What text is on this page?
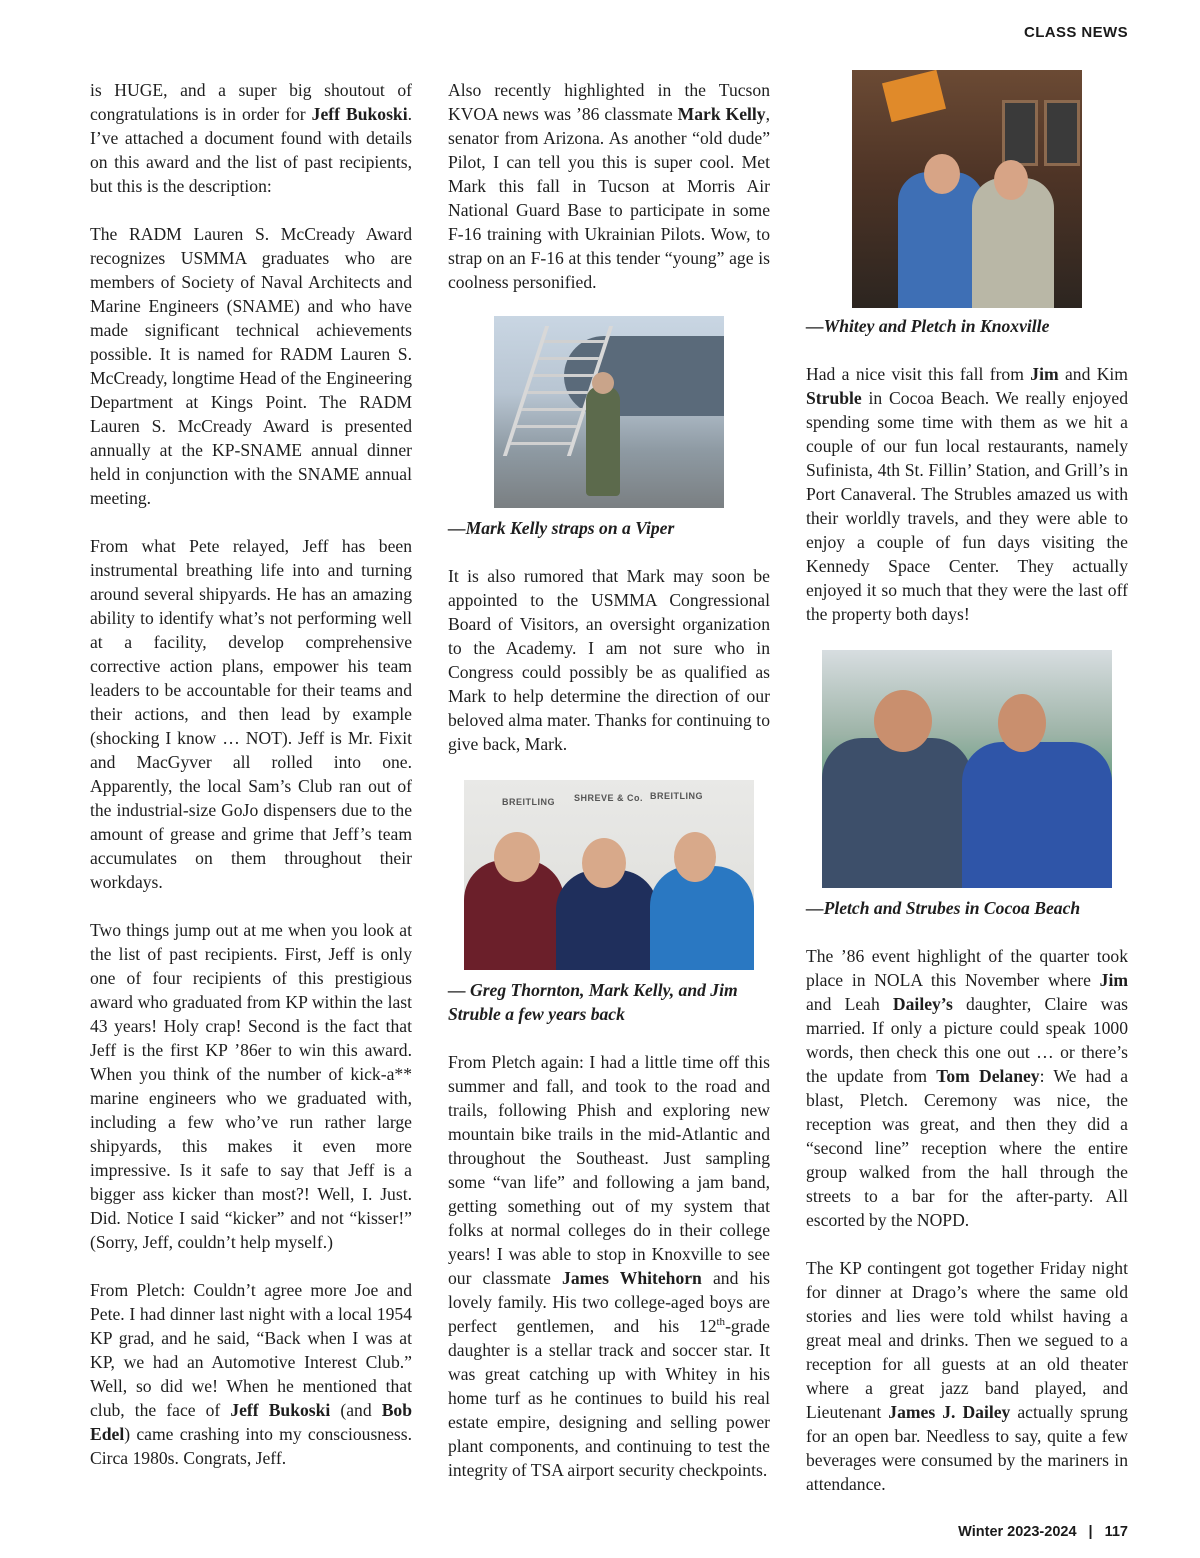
CLASS NEWS

is HUGE, and a super big shoutout of congratulations is in order for Jeff Bukoski. I’ve attached a document found with details on this award and the list of past recipients, but this is the description:

The RADM Lauren S. McCready Award recognizes USMMA graduates who are members of Society of Naval Architects and Marine Engineers (SNAME) and who have made significant technical achievements possible. It is named for RADM Lauren S. McCready, longtime Head of the Engineering Department at Kings Point. The RADM Lauren S. McCready Award is presented annually at the KP-SNAME annual dinner held in conjunction with the SNAME annual meeting.

From what Pete relayed, Jeff has been instrumental breathing life into and turning around several shipyards. He has an amazing ability to identify what’s not performing well at a facility, develop comprehensive corrective action plans, empower his team leaders to be accountable for their teams and their actions, and then lead by example (shocking I know … NOT). Jeff is Mr. Fixit and MacGyver all rolled into one. Apparently, the local Sam’s Club ran out of the industrial-size GoJo dispensers due to the amount of grease and grime that Jeff’s team accumulates on them throughout their workdays.

Two things jump out at me when you look at the list of past recipients. First, Jeff is only one of four recipients of this prestigious award who graduated from KP within the last 43 years! Holy crap! Second is the fact that Jeff is the first KP ’86er to win this award. When you think of the number of kick-a** marine engineers who we graduated with, including a few who’ve run rather large shipyards, this makes it even more impressive. Is it safe to say that Jeff is a bigger ass kicker than most?! Well, I. Just. Did. Notice I said “kicker” and not “kisser!” (Sorry, Jeff, couldn’t help myself.)

From Pletch: Couldn’t agree more Joe and Pete. I had dinner last night with a local 1954 KP grad, and he said, “Back when I was at KP, we had an Automotive Interest Club.” Well, so did we! When he mentioned that club, the face of Jeff Bukoski (and Bob Edel) came crashing into my consciousness. Circa 1980s. Congrats, Jeff.

Also recently highlighted in the Tucson KVOA news was ’86 classmate Mark Kelly, senator from Arizona. As another “old dude” Pilot, I can tell you this is super cool. Met Mark this fall in Tucson at Morris Air National Guard Base to participate in some F-16 training with Ukrainian Pilots. Wow, to strap on an F-16 at this tender “young” age is coolness personified.

—Mark Kelly straps on a Viper

It is also rumored that Mark may soon be appointed to the USMMA Congressional Board of Visitors, an oversight organization to the Academy. I am not sure who in Congress could possibly be as qualified as Mark to help determine the direction of our beloved alma mater. Thanks for continuing to give back, Mark.

BREITLING SHREVE & Co. BREITLING
— Greg Thornton, Mark Kelly, and Jim Struble a few years back

From Pletch again: I had a little time off this summer and fall, and took to the road and trails, following Phish and exploring new mountain bike trails in the mid-Atlantic and throughout the Southeast. Just sampling some “van life” and following a jam band, getting something out of my system that folks at normal colleges do in their college years! I was able to stop in Knoxville to see our classmate James Whitehorn and his lovely family. His two college-aged boys are perfect gentlemen, and his 12th-grade daughter is a stellar track and soccer star. It was great catching up with Whitey in his home turf as he continues to build his real estate empire, designing and selling power plant components, and continuing to test the integrity of TSA airport security checkpoints.

—Whitey and Pletch in Knoxville

Had a nice visit this fall from Jim and Kim Struble in Cocoa Beach. We really enjoyed spending some time with them as we hit a couple of our fun local restaurants, namely Sufinista, 4th St. Fillin’ Station, and Grill’s in Port Canaveral. The Strubles amazed us with their worldly travels, and they were able to enjoy a couple of fun days visiting the Kennedy Space Center. They actually enjoyed it so much that they were the last off the property both days!

—Pletch and Strubes in Cocoa Beach

The ’86 event highlight of the quarter took place in NOLA this November where Jim and Leah Dailey’s daughter, Claire was married. If only a picture could speak 1000 words, then check this one out … or there’s the update from Tom Delaney: We had a blast, Pletch. Ceremony was nice, the reception was great, and then they did a “second line” reception where the entire group walked from the hall through the streets to a bar for the after-party. All escorted by the NOPD.

The KP contingent got together Friday night for dinner at Drago’s where the same old stories and lies were told whilst having a great meal and drinks. Then we segued to a reception for all guests at an old theater where a great jazz band played, and Lieutenant James J. Dailey actually sprung for an open bar. Needless to say, quite a few beverages were consumed by the mariners in attendance.

Winter 2023-2024 | 117
